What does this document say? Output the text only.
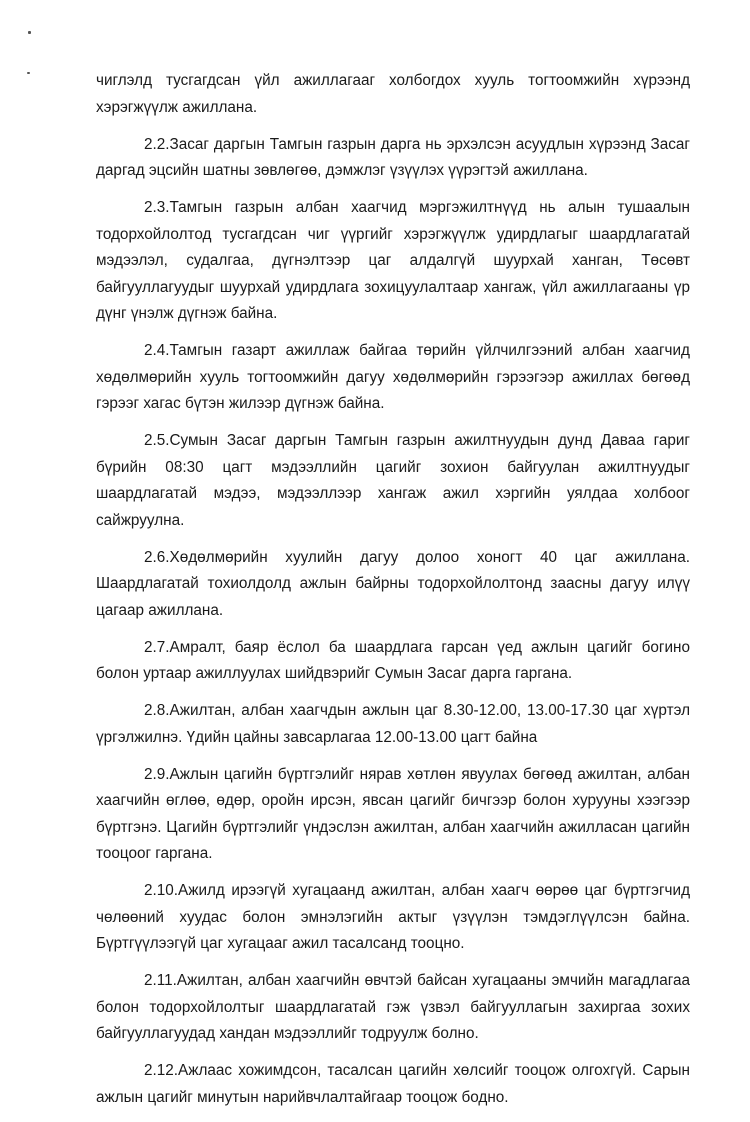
чиглэлд тусгагдсан үйл ажиллагааг холбогдох хууль тогтоомжийн хүрээнд хэрэгжүүлж ажиллана.

2.2.Засаг даргын Тамгын газрын дарга нь эрхэлсэн асуудлын хүрээнд Засаг даргад эцсийн шатны зөвлөгөө, дэмжлэг үзүүлэх үүрэгтэй ажиллана.

2.3.Тамгын газрын албан хаагчид мэргэжилтнүүд нь алын тушаалын тодорхойлолтод тусгагдсан чиг үүргийг хэрэгжүүлж удирдлагыг шаардлагатай мэдээлэл, судалгаа, дүгнэлтээр цаг алдалгүй шуурхай ханган, Төсөвт байгууллагуудыг шуурхай удирдлага зохицуулалтаар хангаж, үйл ажиллагааны үр дүнг үнэлж дүгнэж байна.

2.4.Тамгын газарт ажиллаж байгаа төрийн үйлчилгээний албан хаагчид хөдөлмөрийн хууль тогтоомжийн дагуу хөдөлмөрийн гэрээгээр ажиллах бөгөөд гэрээг хагас бүтэн жилээр дүгнэж байна.

2.5.Сумын Засаг даргын Тамгын газрын ажилтнуудын дунд Даваа гариг бүрийн 08:30 цагт мэдээллийн цагийг зохион байгуулан ажилтнуудыг шаардлагатай мэдээ, мэдээллээр хангаж ажил хэргийн уялдаа холбоог сайжруулна.

2.6.Хөдөлмөрийн хуулийн дагуу долоо хоногт 40 цаг ажиллана. Шаардлагатай тохиолдолд ажлын байрны тодорхойлолтонд заасны дагуу илүү цагаар ажиллана.

2.7.Амралт, баяр ёслол ба шаардлага гарсан үед ажлын цагийг богино болон уртаар ажиллуулах шийдвэрийг Сумын Засаг дарга гаргана.

2.8.Ажилтан, албан хаагчдын ажлын цаг 8.30-12.00, 13.00-17.30 цаг хүртэл үргэлжилнэ. Үдийн цайны завсарлагаа 12.00-13.00 цагт байна

2.9.Ажлын цагийн бүртгэлийг нярав хөтлөн явуулах бөгөөд ажилтан, албан хаагчийн өглөө, өдөр, оройн ирсэн, явсан цагийг бичгээр болон хурууны хээгээр бүртгэнэ. Цагийн бүртгэлийг үндэслэн ажилтан, албан хаагчийн ажилласан цагийн тооцоог гаргана.

2.10.Ажилд ирээгүй хугацаанд ажилтан, албан хаагч өөрөө цаг бүртгэгчид чөлөөний хуудас болон эмнэлэгийн актыг үзүүлэн тэмдэглүүлсэн байна. Бүртгүүлээгүй цаг хугацааг ажил тасалсанд тооцно.

2.11.Ажилтан, албан хаагчийн өвчтэй байсан хугацааны эмчийн магадлагаа болон тодорхойлолтыг шаардлагатай гэж үзвэл байгууллагын захиргаа зохих байгууллагуудад хандан мэдээллийг тодруулж болно.

2.12.Ажлаас хожимдсон, тасалсан цагийн хөлсийг тооцож олгохгүй. Сарын ажлын цагийг минутын нарийвчлалтайгаар тооцож бодно.
